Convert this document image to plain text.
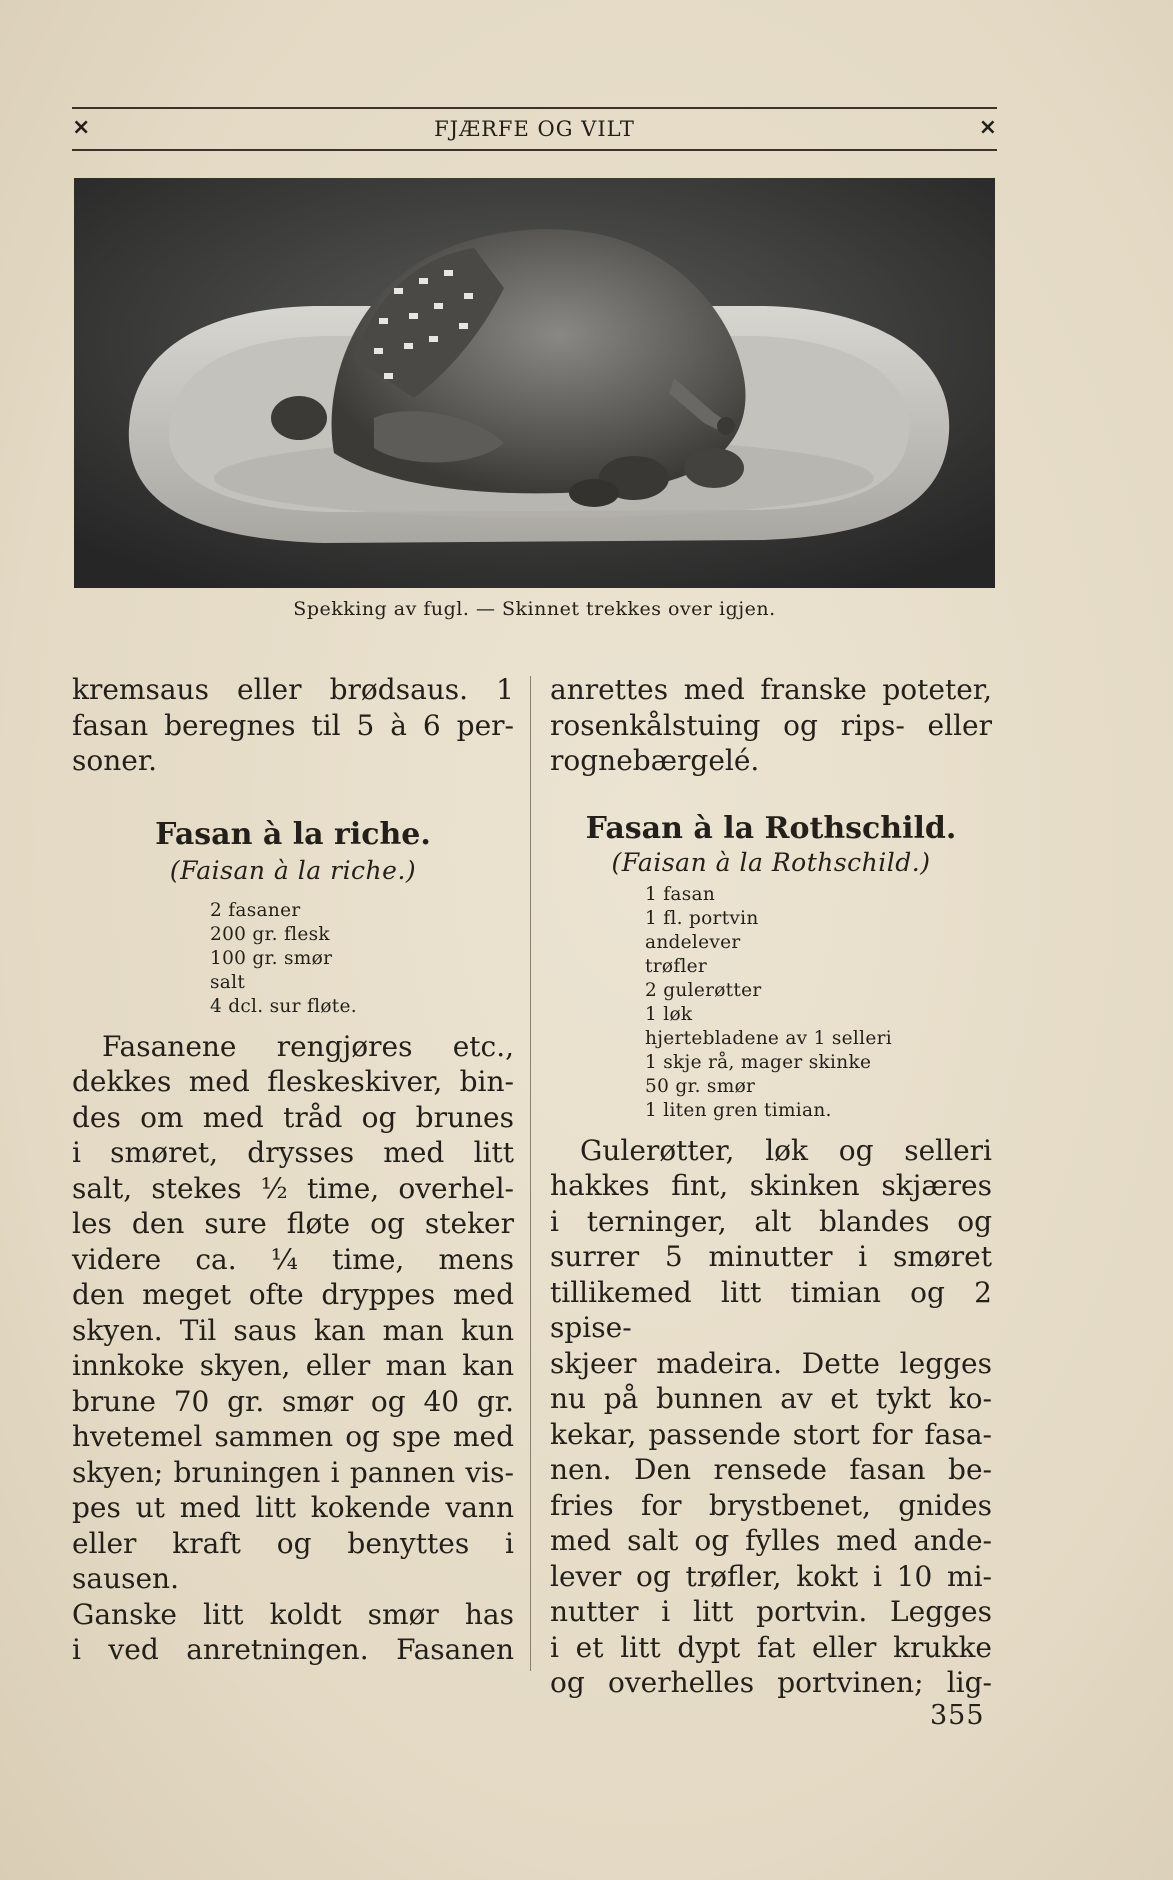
×	FJÆRFE OG VILT	×
Spekking av fugl. — Skinnet trekkes over igjen.

kremsaus eller brødsaus. 1
fasan beregnes til 5 à 6 per-
soner.

Fasan à la riche.

(Faisan à la riche.)

2 fasaner
200 gr. flesk
100 gr. smør
salt
4 dcl. sur fløte.
Fasanene rengjøres etc.,
dekkes med fleskeskiver, bin-
des om med tråd og brunes
i smøret, drysses med litt
salt, stekes ½ time, overhel-
les den sure fløte og steker
videre ca. ¼ time, mens
den meget ofte dryppes med
skyen. Til saus kan man kun
innkoke skyen, eller man kan
brune 70 gr. smør og 40 gr.
hvetemel sammen og spe med
skyen; bruningen i pannen vis-
pes ut med litt kokende vann
eller kraft og benyttes i sausen.
Ganske litt koldt smør has
i ved anretningen. Fasanen

anrettes med franske poteter,
rosenkålstuing og rips- eller
rognebærgelé.

Fasan à la Rothschild.

(Faisan à la Rothschild.)

1 fasan
1 fl. portvin
andelever
trøfler
2 gulerøtter
1 løk
hjertebladene av 1 selleri
1 skje rå, mager skinke
50 gr. smør
1 liten gren timian.
Gulerøtter, løk og selleri
hakkes fint, skinken skjæres
i terninger, alt blandes og
surrer 5 minutter i smøret
tillikemed litt timian og 2 spise-
skjeer madeira. Dette legges
nu på bunnen av et tykt ko-
kekar, passende stort for fasa-
nen. Den rensede fasan be-
fries for brystbenet, gnides
med salt og fylles med ande-
lever og trøfler, kokt i 10 mi-
nutter i litt portvin. Legges
i et litt dypt fat eller krukke
og overhelles portvinen; lig-
355
